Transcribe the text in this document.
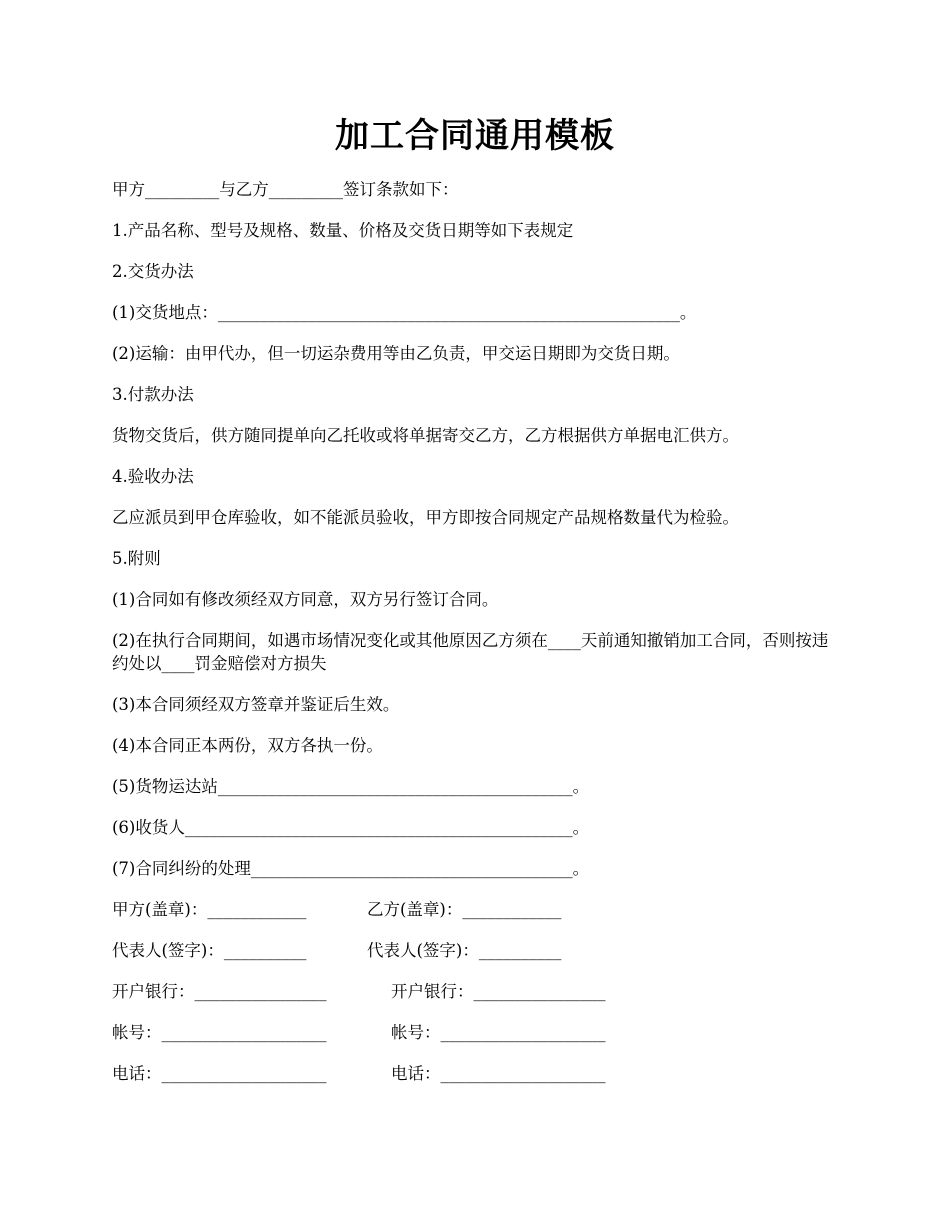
加工合同通用模板

甲方_________与乙方_________签订条款如下：

1.产品名称、型号及规格、数量、价格及交货日期等如下表规定

2.交货办法

(1)交货地点：________________________________________________________。

(2)运输：由甲代办，但一切运杂费用等由乙负责，甲交运日期即为交货日期。

3.付款办法

货物交货后，供方随同提单向乙托收或将单据寄交乙方，乙方根据供方单据电汇供方。

4.验收办法

乙应派员到甲仓库验收，如不能派员验收，甲方即按合同规定产品规格数量代为检验。

5.附则

(1)合同如有修改须经双方同意，双方另行签订合同。

(2)在执行合同期间，如遇市场情况变化或其他原因乙方须在____天前通知撤销加工合同，否则按违约处以____罚金赔偿对方损失

(3)本合同须经双方签章并鉴证后生效。

(4)本合同正本两份，双方各执一份。

(5)货物运达站___________________________________________。

(6)收货人_______________________________________________。

(7)合同纠纷的处理_______________________________________。

甲方(盖章)：____________	乙方(盖章)：____________
代表人(签字)：__________	代表人(签字)：__________
开户银行：________________	开户银行：________________
帐号：____________________	帐号：____________________
电话：____________________	电话：____________________
